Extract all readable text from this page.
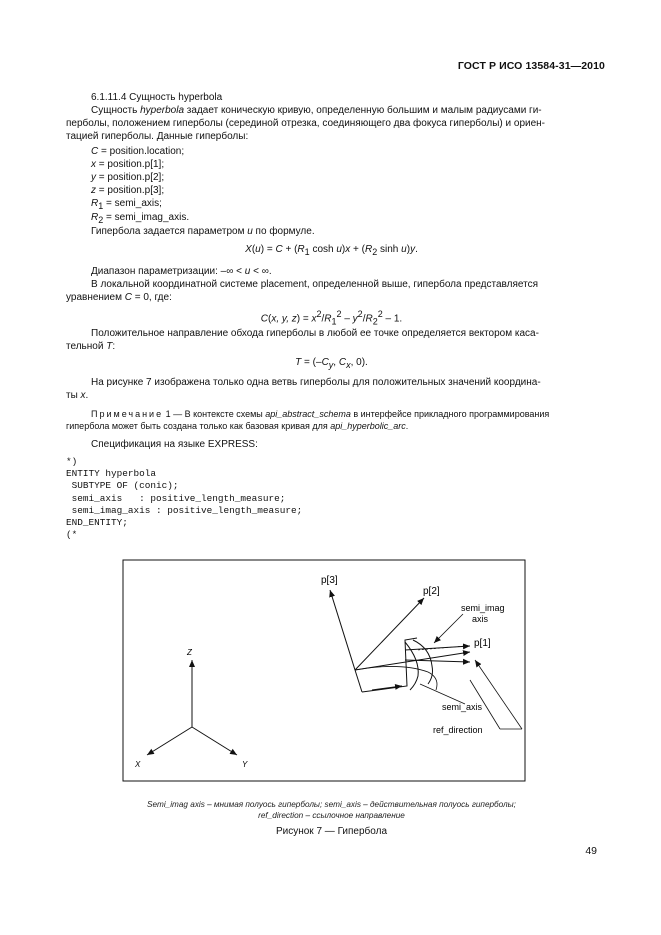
ГОСТ Р ИСО 13584-31—2010
6.1.11.4 Сущность hyperbola
Сущность hyperbola задает коническую кривую, определенную большим и малым радиусами ги-
перболы, положением гиперболы (серединой отрезка, соединяющего два фокуса гиперболы) и ориен-
тацией гиперболы. Данные гиперболы:
C = position.location;
x = position.p[1];
y = position.p[2];
z = position.p[3];
$R_1$ = semi_axis;
$R_2$ = semi_imag_axis.
Гипербола задается параметром u по формуле.
$X(u) = C + (R_1$ $\cosh u)x + (R_2$ sinh u)y.
Диапазон параметризации: –∞ < u < ∞.
В локальной координатной системе placement, определенной выше, гипербола представляется
уравнением C = 0, где:
C(x, y, $z) = x^2/R_1^2 - y^2/R_2^2 - 1$.
Положительное направление обхода гиперболы в любой ее точке определяется вектором каса-
тельной T:
$T = (-C_y$, $C_x$, 0).
На рисунке 7 изображена только одна ветвь гиперболы для положительных значений координа-
ты x.
Примечание 1 — В контексте схемы api_abstract_schema в интерфейсе прикладного программирования
гипербола может быть создана только как базовая кривая для api_hyperbolic_arc.
Спецификация на языке EXPRESS:
*)
ENTITY hyperbola
SUBTYPE OF (conic);
semi_axis   : positive_length_measure;
semi_imag_axis : positive_length_measure;
END_ENTITY;
(*
p[3]
p[2]
p[1]
semi_imag
axis
semi_axis
ref_direction
Z
X	Y
Semi_imag axis – мнимая полуось гиперболы; semi_axis – действительная полуось гиперболы;
ref_direction – ссылочное направление
Рисунок 7 — Гипербола
49
